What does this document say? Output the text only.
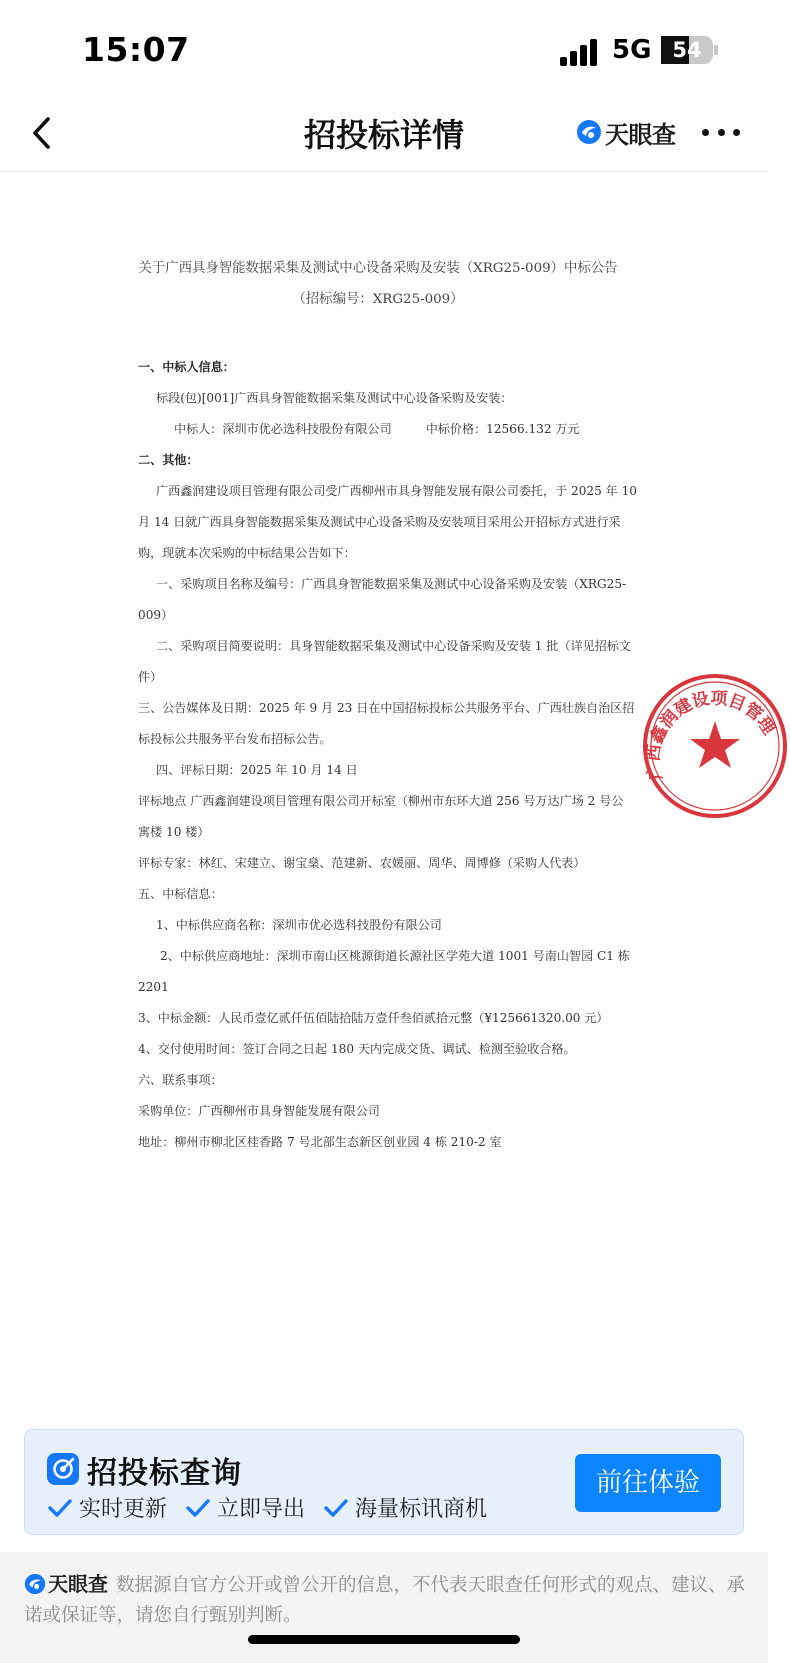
15:07	5G 54
招投标详情	天眼查
关于广西具身智能数据采集及测试中心设备采购及安装（XRG25-009）中标公告
（招标编号：XRG25-009）

一、中标人信息：

标段(包)[001]广西具身智能数据采集及测试中心设备采购及安装：

中标人：深圳市优必选科技股份有限公司	中标价格：12566.132 万元

二、其他：

广西鑫润建设项目管理有限公司受广西柳州市具身智能发展有限公司委托，于 2025 年 10

月 14 日就广西具身智能数据采集及测试中心设备采购及安装项目采用公开招标方式进行采

购，现就本次采购的中标结果公告如下：

一、采购项目名称及编号：广西具身智能数据采集及测试中心设备采购及安装（XRG25-

009）

二、采购项目简要说明：具身智能数据采集及测试中心设备采购及安装 1 批（详见招标文

件）

三、公告媒体及日期：2025 年 9 月 23 日在中国招标投标公共服务平台、广西壮族自治区招

标投标公共服务平台发布招标公告。

四、评标日期：2025 年 10 月 14 日

评标地点 广西鑫润建设项目管理有限公司开标室（柳州市东环大道 256 号万达广场 2 号公

寓楼 10 楼）

评标专家：林红、宋建立、谢宝燊、范建新、农媛丽、周华、周博修（采购人代表）

五、中标信息：

1、中标供应商名称：深圳市优必选科技股份有限公司

2、中标供应商地址：深圳市南山区桃源街道长源社区学苑大道 1001 号南山智园 C1 栋

2201

3、中标金额：人民币壹亿贰仟伍佰陆拾陆万壹仟叁佰贰拾元整（¥125661320.00 元）

4、交付使用时间：签订合同之日起 180 天内完成交货、调试、检测至验收合格。

六、联系事项：

采购单位：广西柳州市具身智能发展有限公司

地址：柳州市柳北区桂香路 7 号北部生态新区创业园 4 栋 210-2 室

广西鑫润建设项目管理
招投标查询
实时更新 立即导出 海量标讯商机
前往体验
天眼查 数据源自官方公开或曾公开的信息，不代表天眼查任何形式的观点、建议、承诺或保证等，请您自行甄别判断。
